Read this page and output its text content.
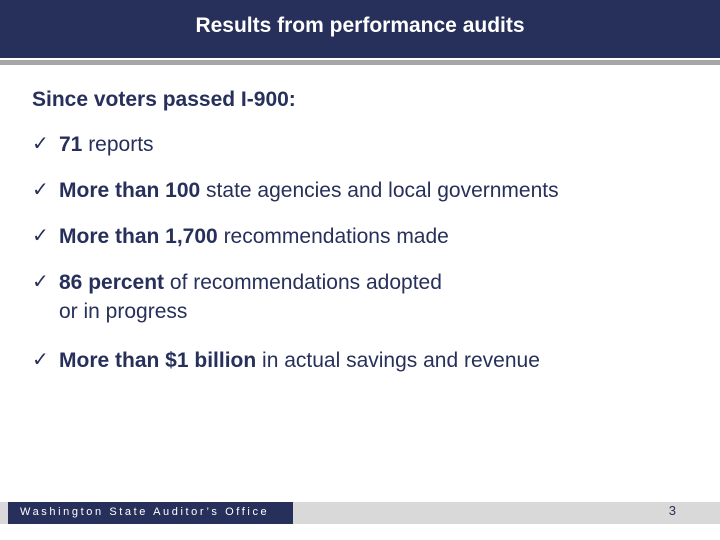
Results from performance audits
Since voters passed I-900:
✓ 71 reports
✓ More than 100 state agencies and local governments
✓ More than 1,700 recommendations made
✓ 86 percent of recommendations adopted
or in progress
✓ More than $1 billion in actual savings and revenue
Washington State Auditor’s Office	3
